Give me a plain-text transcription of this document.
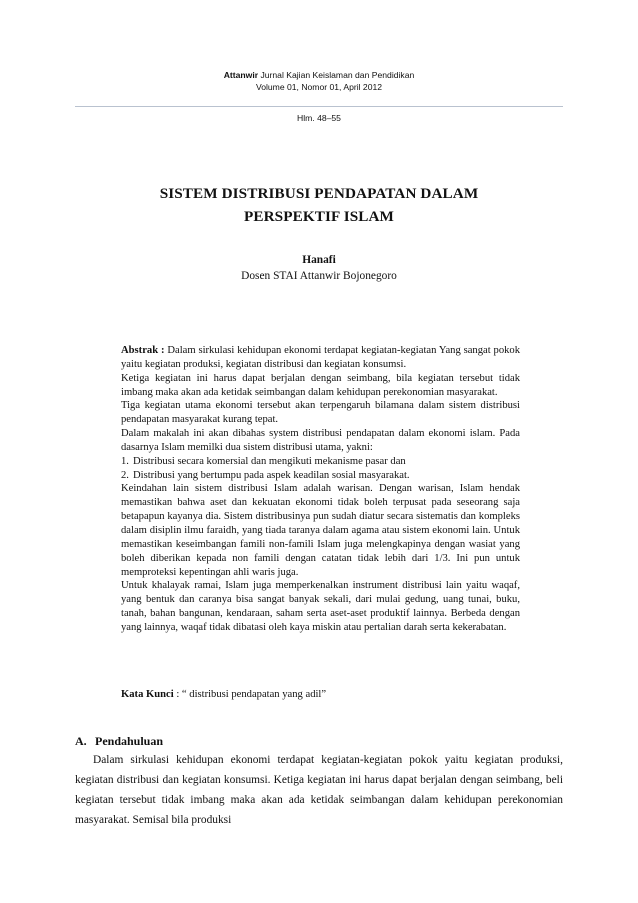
Attanwir Jurnal Kajian Keislaman dan Pendidikan
Volume 01, Nomor 01, April 2012
Hlm. 48–55
SISTEM DISTRIBUSI PENDAPATAN DALAM
PERSPEKTIF ISLAM
Hanafi
Dosen STAI Attanwir Bojonegoro

Abstrak : Dalam sirkulasi kehidupan ekonomi terdapat kegiatan-kegiatan Yang sangat pokok yaitu kegiatan produksi, kegiatan distribusi dan kegiatan konsumsi.

Ketiga kegiatan ini harus dapat berjalan dengan seimbang, bila kegiatan tersebut tidak imbang maka akan ada ketidak seimbangan dalam kehidupan perekonomian masyarakat.

Tiga kegiatan utama ekonomi tersebut akan terpengaruh bilamana dalam sistem distribusi pendapatan masyarakat kurang tepat.

Dalam makalah ini akan dibahas system distribusi pendapatan dalam ekonomi islam. Pada dasarnya Islam memilki dua sistem distribusi utama, yakni:

1. Distribusi secara komersial dan mengikuti mekanisme pasar dan
2. Distribusi yang bertumpu pada aspek keadilan sosial masyarakat.

Keindahan lain sistem distribusi Islam adalah warisan. Dengan warisan, Islam hendak memastikan bahwa aset dan kekuatan ekonomi tidak boleh terpusat pada seseorang saja betapapun kayanya dia. Sistem distribusinya pun sudah diatur secara sistematis dan kompleks dalam disiplin ilmu faraidh, yang tiada taranya dalam agama atau sistem ekonomi lain. Untuk memastikan keseimbangan famili non-famili Islam juga melengkapinya dengan wasiat yang boleh diberikan kepada non famili dengan catatan tidak lebih dari 1/3. Ini pun untuk memproteksi kepentingan ahli waris juga.

Untuk khalayak ramai, Islam juga memperkenalkan instrument distribusi lain yaitu waqaf, yang bentuk dan caranya bisa sangat banyak sekali, dari mulai gedung, uang tunai, buku, tanah, bahan bangunan, kendaraan, saham serta aset-aset produktif lainnya. Berbeda dengan yang lainnya, waqaf tidak dibatasi oleh kaya miskin atau pertalian darah serta kekerabatan.

Kata Kunci : “ distribusi pendapatan yang adil”
A. Pendahuluan

Dalam sirkulasi kehidupan ekonomi terdapat kegiatan-kegiatan pokok yaitu kegiatan produksi, kegiatan distribusi dan kegiatan konsumsi. Ketiga kegiatan ini harus dapat berjalan dengan seimbang, beli kegiatan tersebut tidak imbang maka akan ada ketidak seimbangan dalam kehidupan perekonomian masyarakat. Semisal bila produksi
